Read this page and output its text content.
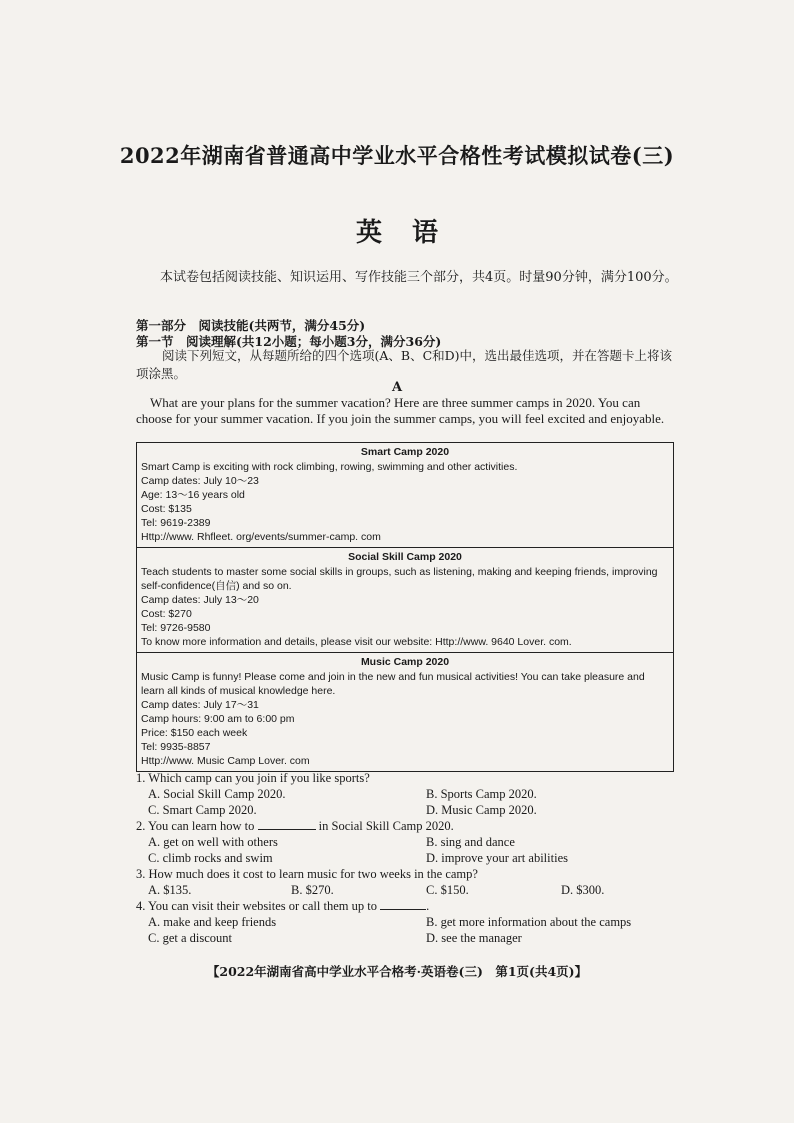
2022年湖南省普通高中学业水平合格性考试模拟试卷(三)
英语
本试卷包括阅读技能、知识运用、写作技能三个部分，共4页。时量90分钟，满分100分。
第一部分　阅读技能(共两节，满分45分)
第一节　阅读理解(共12小题；每小题3分，满分36分)
阅读下列短文，从每题所给的四个选项(A、B、C和D)中，选出最佳选项，并在答题卡上将该项涂黑。
A
What are your plans for the summer vacation? Here are three summer camps in 2020. You can choose for your summer vacation. If you join the summer camps, you will feel excited and enjoyable.
Smart Camp 2020
Smart Camp is exciting with rock climbing, rowing, swimming and other activities.
Camp dates: July 10～23
Age: 13～16 years old
Cost: $135
Tel: 9619-2389
Http://www. Rhfleet. org/events/summer-camp. com
Social Skill Camp 2020
Teach students to master some social skills in groups, such as listening, making and keeping friends, improving self-confidence(自信) and so on.
Camp dates: July 13～20
Cost: $270
Tel: 9726-9580
To know more information and details, please visit our website: Http://www. 9640 Lover. com.
Music Camp 2020
Music Camp is funny! Please come and join in the new and fun musical activities! You can take pleasure and learn all kinds of musical knowledge here.
Camp dates: July 17～31
Camp hours: 9:00 am to 6:00 pm
Price: $150 each week
Tel: 9935-8857
Http://www. Music Camp Lover. com
1. Which camp can you join if you like sports?
A. Social Skill Camp 2020.	B. Sports Camp 2020.
C. Smart Camp 2020.	D. Music Camp 2020.
2. You can learn how to	in Social Skill Camp 2020.
A. get on well with others	B. sing and dance
C. climb rocks and swim	D. improve your art abilities
3. How much does it cost to learn music for two weeks in the camp?
A. $135.	B. $270.	C. $150.	D. $300.
4. You can visit their websites or call them up to	.
A. make and keep friends	B. get more information about the camps
C. get a discount	D. see the manager
【2022年湖南省高中学业水平合格考·英语卷(三)　第1页(共4页)】
